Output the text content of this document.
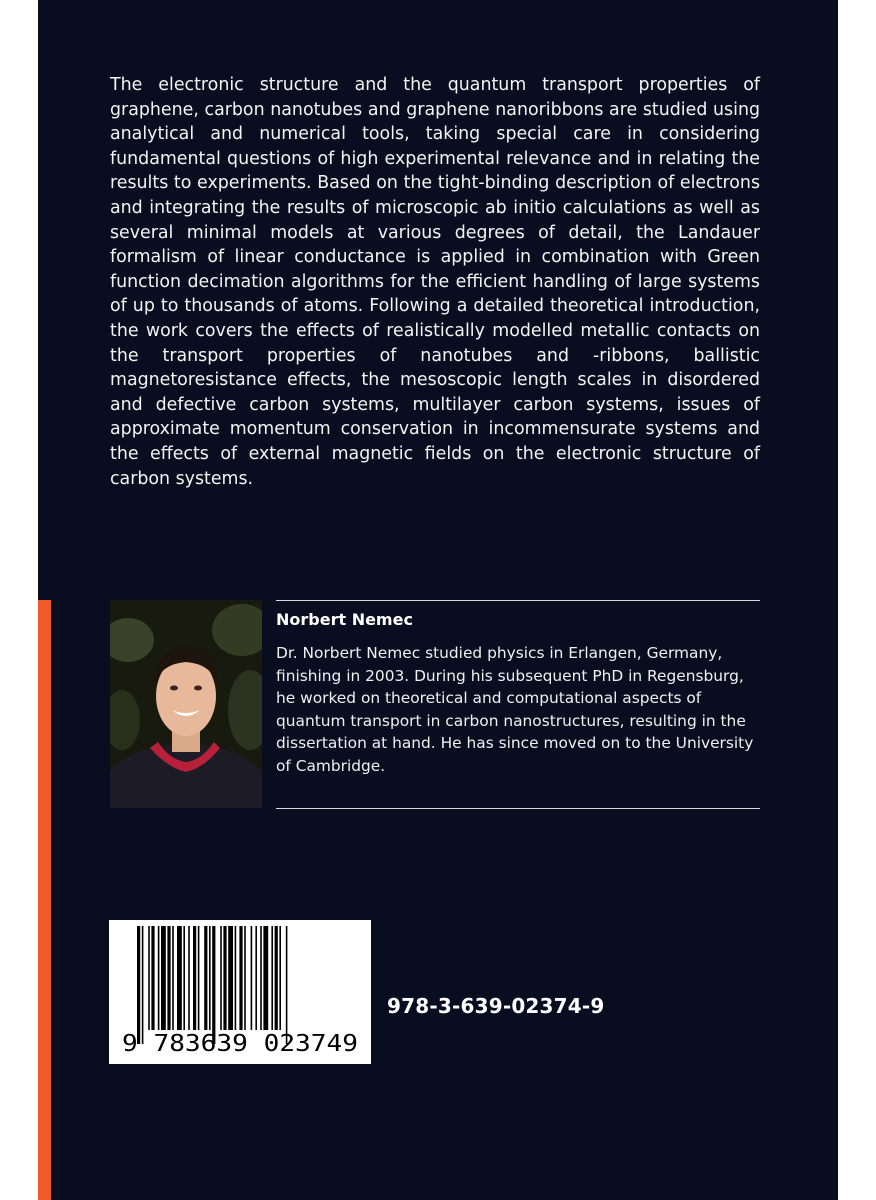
The electronic structure and the quantum transport properties of graphene, carbon nanotubes and graphene nanoribbons are studied using analytical and numerical tools, taking special care in considering fundamental questions of high experimental relevance and in relating the results to experiments. Based on the tight-binding description of electrons and integrating the results of microscopic ab initio calculations as well as several minimal models at various degrees of detail, the Landauer formalism of linear conductance is applied in combination with Green function decimation algorithms for the efficient handling of large systems of up to thousands of atoms. Following a detailed theoretical introduction, the work covers the effects of realistically modelled metallic contacts on the transport properties of nanotubes and -ribbons, ballistic magnetoresistance effects, the mesoscopic length scales in disordered and defective carbon systems, multilayer carbon systems, issues of approximate momentum conservation in incommensurate systems and the effects of external magnetic fields on the electronic structure of carbon systems.

Norbert Nemec

Dr. Norbert Nemec studied physics in Erlangen, Germany, finishing in 2003. During his subsequent PhD in Regensburg, he worked on theoretical and computational aspects of quantum transport in carbon nanostructures, resulting in the dissertation at hand. He has since moved on to the University of Cambridge.

9 783639 023749
978-3-639-02374-9
